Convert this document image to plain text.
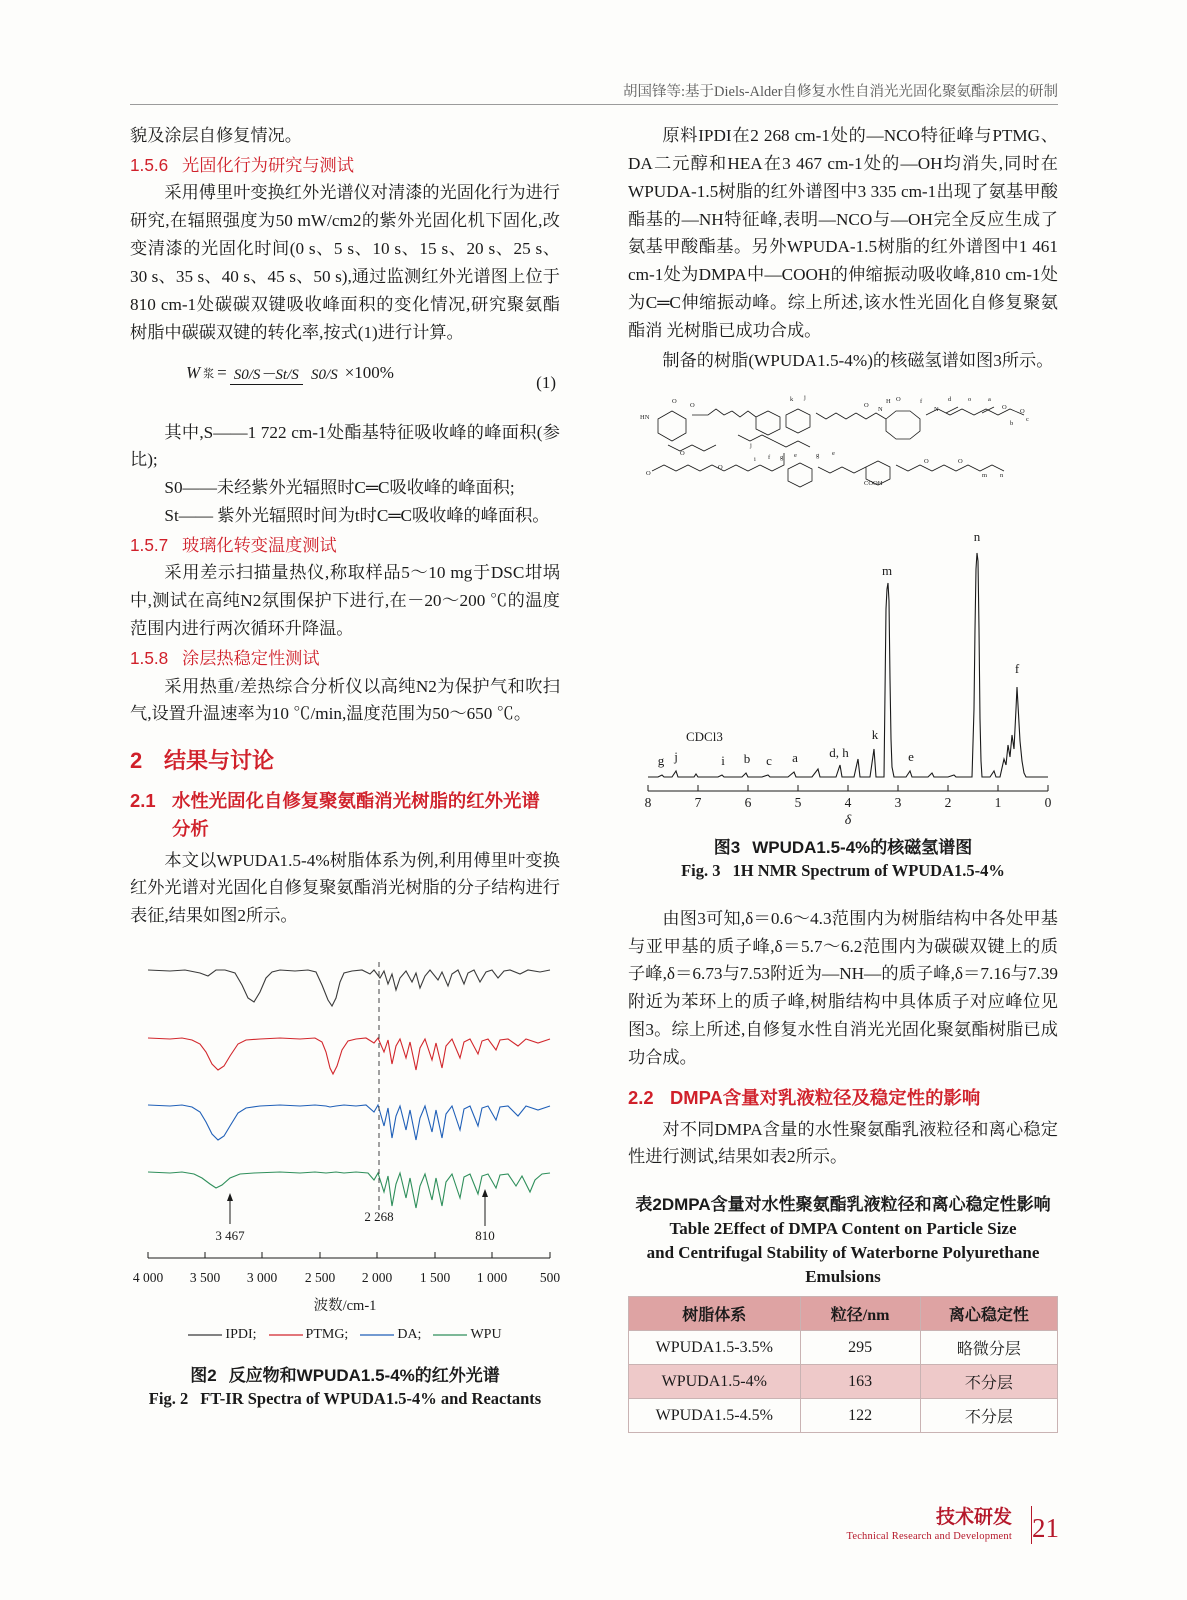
胡国锋等:基于Diels-Alder自修复水性自消光光固化聚氨酯涂层的研制

貌及涂层自修复情况。

1.5.6 光固化行为研究与测试

采用傅里叶变换红外光谱仪对清漆的光固化行为进行研究,在辐照强度为50 mW/cm2的紫外光固化机下固化,改变清漆的光固化时间(0 s、5 s、10 s、15 s、20 s、25 s、30 s、35 s、40 s、45 s、50 s),通过监测红外光谱图上位于810 cm-1处碳碳双键吸收峰面积的变化情况,研究聚氨酯树脂中碳碳双键的转化率,按式(1)进行计算。

W 浆 = S0/S－St/S S0/S ×100%	(1)

其中,S——1 722 cm-1处酯基特征吸收峰的峰面积(参比);

S0——未经紫外光辐照时C═C吸收峰的峰面积;

St—— 紫外光辐照时间为t时C═C吸收峰的峰面积。

1.5.7 玻璃化转变温度测试

采用差示扫描量热仪,称取样品5～10 mg于DSC坩埚中,测试在高纯N2氛围保护下进行,在－20～200 ℃的温度范围内进行两次循环升降温。

1.5.8 涂层热稳定性测试

采用热重/差热综合分析仪以高纯N2为保护气和吹扫气,设置升温速率为10 ℃/min,温度范围为50～650 ℃。

2 结果与讨论
2.1 水性光固化自修复聚氨酯消光树脂的红外光谱分析

本文以WPUDA1.5-4%树脂体系为例,利用傅里叶变换红外光谱对光固化自修复聚氨酯消光树脂的分子结构进行表征,结果如图2所示。

3 467
2 268
810
4 000 3 500 3 000 2 500 2 000 1 500 1 000 500
波数/cm-1
IPDI;	PTMG;	DA;	WPU
图2 反应物和WPUDA1.5-4%的红外光谱
Fig. 2 FT-IR Spectra of WPUDA1.5-4% and Reactants

原料IPDI在2 268 cm-1处的—NCO特征峰与PTMG、DA二元醇和HEA在3 467 cm-1处的—OH均消失,同时在WPUDA-1.5树脂的红外谱图中3 335 cm-1出现了氨基甲酸酯基的—NH特征峰,表明—NCO与—OH完全反应生成了氨基甲酸酯基。另外WPUDA-1.5树脂的红外谱图中1 461 cm-1处为DMPA中—COOH的伸缩振动吸收峰,810 cm-1处为C═C伸缩振动峰。综上所述,该水性光固化自修复聚氨酯消 光树脂已成功合成。

制备的树脂(WPUDA1.5-4%)的核磁氢谱如图3所示。

HN
O
O
k j
O
H O	f	d	o	a
N	N	O
O
c
b
O
O
O
i f g e	g e
COOH
O	O
m n
j
CDCl3
g j	i b c a d, h
k
e
m
n
f
8	7	6	5	4	3	2	1	0
δ
图3 WPUDA1.5-4%的核磁氢谱图
Fig. 3 1H NMR Spectrum of WPUDA1.5-4%

由图3可知,δ＝0.6～4.3范围内为树脂结构中各处甲基与亚甲基的质子峰,δ＝5.7～6.2范围内为碳碳双键上的质子峰,δ＝6.73与7.53附近为—NH—的质子峰,δ＝7.16与7.39附近为苯环上的质子峰,树脂结构中具体质子对应峰位见图3。综上所述,自修复水性自消光光固化聚氨酯树脂已成功合成。

2.2 DMPA含量对乳液粒径及稳定性的影响

对不同DMPA含量的水性聚氨酯乳液粒径和离心稳定性进行测试,结果如表2所示。

表2DMPA含量对水性聚氨酯乳液粒径和离心稳定性影响
Table 2Effect of DMPA Content on Particle Size
and Centrifugal Stability of Waterborne Polyurethane
Emulsions
树脂体系	粒径/nm	离心稳定性
WPUDA1.5-3.5%	295	略微分层
WPUDA1.5-4%	163	不分层
WPUDA1.5-4.5%	122	不分层
技术研发
Technical Research and Development 21
